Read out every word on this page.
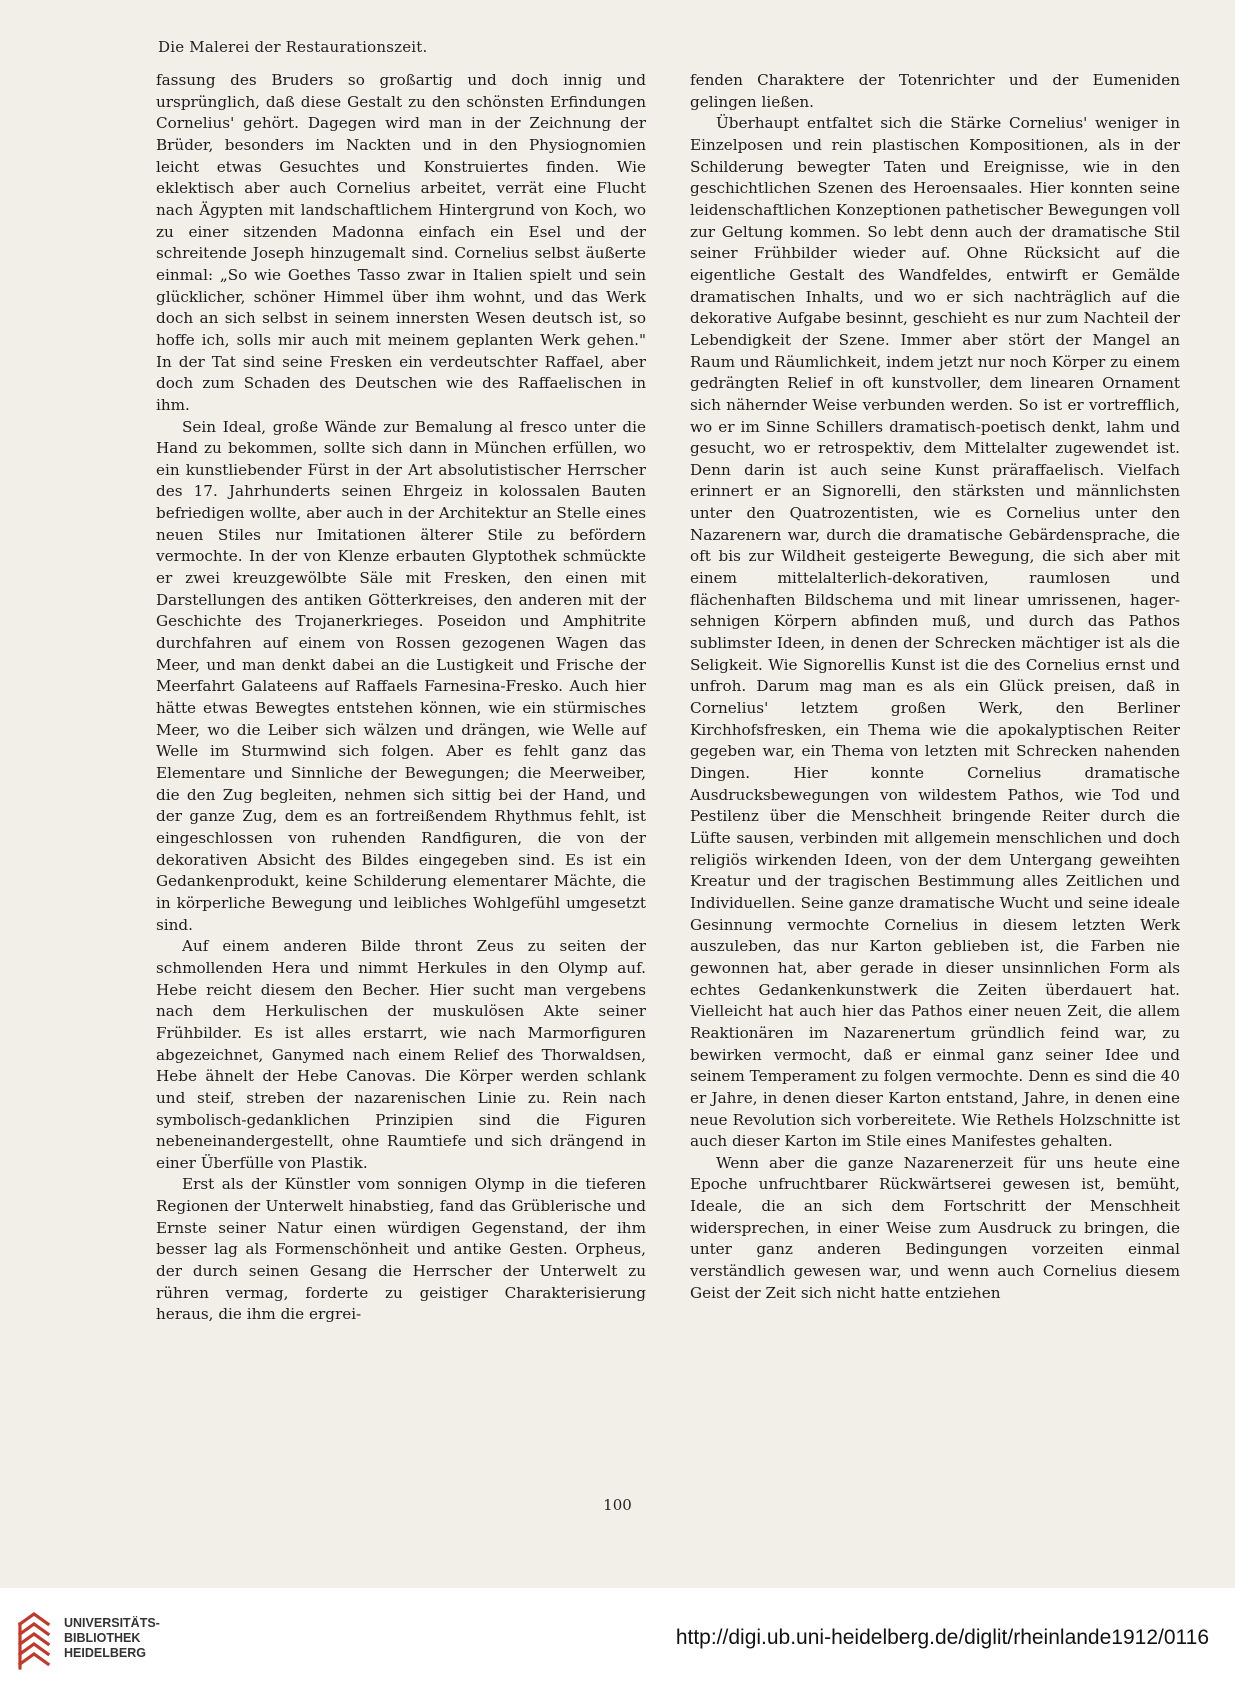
Die Malerei der Restaurationszeit.

fassung des Bruders so großartig und doch innig und ursprünglich, daß diese Gestalt zu den schönsten Erfindungen Cornelius' gehört. Dagegen wird man in der Zeichnung der Brüder, besonders im Nackten und in den Physiognomien leicht etwas Gesuchtes und Konstruiertes finden. Wie eklektisch aber auch Cornelius arbeitet, verrät eine Flucht nach Ägypten mit landschaftlichem Hintergrund von Koch, wo zu einer sitzenden Madonna einfach ein Esel und der schreitende Joseph hinzugemalt sind. Cornelius selbst äußerte einmal: „So wie Goethes Tasso zwar in Italien spielt und sein glücklicher, schöner Himmel über ihm wohnt, und das Werk doch an sich selbst in seinem innersten Wesen deutsch ist, so hoffe ich, solls mir auch mit meinem geplanten Werk gehen." In der Tat sind seine Fresken ein verdeutschter Raffael, aber doch zum Schaden des Deutschen wie des Raffaelischen in ihm.

Sein Ideal, große Wände zur Bemalung al fresco unter die Hand zu bekommen, sollte sich dann in München erfüllen, wo ein kunstliebender Fürst in der Art absolutistischer Herrscher des 17. Jahrhunderts seinen Ehrgeiz in kolossalen Bauten befriedigen wollte, aber auch in der Architektur an Stelle eines neuen Stiles nur Imitationen älterer Stile zu befördern vermochte. In der von Klenze erbauten Glyptothek schmückte er zwei kreuzgewölbte Säle mit Fresken, den einen mit Darstellungen des antiken Götterkreises, den anderen mit der Geschichte des Trojanerkrieges. Poseidon und Amphitrite durchfahren auf einem von Rossen gezogenen Wagen das Meer, und man denkt dabei an die Lustigkeit und Frische der Meerfahrt Galateens auf Raffaels Farnesina-Fresko. Auch hier hätte etwas Bewegtes entstehen können, wie ein stürmisches Meer, wo die Leiber sich wälzen und drängen, wie Welle auf Welle im Sturmwind sich folgen. Aber es fehlt ganz das Elementare und Sinnliche der Bewegungen; die Meerweiber, die den Zug begleiten, nehmen sich sittig bei der Hand, und der ganze Zug, dem es an fortreißendem Rhythmus fehlt, ist eingeschlossen von ruhenden Randfiguren, die von der dekorativen Absicht des Bildes eingegeben sind. Es ist ein Gedankenprodukt, keine Schilderung elementarer Mächte, die in körperliche Bewegung und leibliches Wohlgefühl umgesetzt sind.

Auf einem anderen Bilde thront Zeus zu seiten der schmollenden Hera und nimmt Herkules in den Olymp auf. Hebe reicht diesem den Becher. Hier sucht man vergebens nach dem Herkulischen der muskulösen Akte seiner Frühbilder. Es ist alles erstarrt, wie nach Marmorfiguren abgezeichnet, Ganymed nach einem Relief des Thorwaldsen, Hebe ähnelt der Hebe Canovas. Die Körper werden schlank und steif, streben der nazarenischen Linie zu. Rein nach symbolisch-gedanklichen Prinzipien sind die Figuren nebeneinandergestellt, ohne Raumtiefe und sich drängend in einer Überfülle von Plastik.

Erst als der Künstler vom sonnigen Olymp in die tieferen Regionen der Unterwelt hinabstieg, fand das Grüblerische und Ernste seiner Natur einen würdigen Gegenstand, der ihm besser lag als Formenschönheit und antike Gesten. Orpheus, der durch seinen Gesang die Herrscher der Unterwelt zu rühren vermag, forderte zu geistiger Charakterisierung heraus, die ihm die ergrei-

fenden Charaktere der Totenrichter und der Eumeniden gelingen ließen.

Überhaupt entfaltet sich die Stärke Cornelius' weniger in Einzelposen und rein plastischen Kompositionen, als in der Schilderung bewegter Taten und Ereignisse, wie in den geschichtlichen Szenen des Heroensaales. Hier konnten seine leidenschaftlichen Konzeptionen pathetischer Bewegungen voll zur Geltung kommen. So lebt denn auch der dramatische Stil seiner Frühbilder wieder auf. Ohne Rücksicht auf die eigentliche Gestalt des Wandfeldes, entwirft er Gemälde dramatischen Inhalts, und wo er sich nachträglich auf die dekorative Aufgabe besinnt, geschieht es nur zum Nachteil der Lebendigkeit der Szene. Immer aber stört der Mangel an Raum und Räumlichkeit, indem jetzt nur noch Körper zu einem gedrängten Relief in oft kunstvoller, dem linearen Ornament sich nähernder Weise verbunden werden. So ist er vortrefflich, wo er im Sinne Schillers dramatisch-poetisch denkt, lahm und gesucht, wo er retrospektiv, dem Mittelalter zugewendet ist. Denn darin ist auch seine Kunst präraffaelisch. Vielfach erinnert er an Signorelli, den stärksten und männlichsten unter den Quatrozentisten, wie es Cornelius unter den Nazarenern war, durch die dramatische Gebärdensprache, die oft bis zur Wildheit gesteigerte Bewegung, die sich aber mit einem mittelalterlich-dekorativen, raumlosen und flächenhaften Bildschema und mit linear umrissenen, hager-sehnigen Körpern abfinden muß, und durch das Pathos sublimster Ideen, in denen der Schrecken mächtiger ist als die Seligkeit. Wie Signorellis Kunst ist die des Cornelius ernst und unfroh. Darum mag man es als ein Glück preisen, daß in Cornelius' letztem großen Werk, den Berliner Kirchhofsfresken, ein Thema wie die apokalyptischen Reiter gegeben war, ein Thema von letzten mit Schrecken nahenden Dingen. Hier konnte Cornelius dramatische Ausdrucksbewegungen von wildestem Pathos, wie Tod und Pestilenz über die Menschheit bringende Reiter durch die Lüfte sausen, verbinden mit allgemein menschlichen und doch religiös wirkenden Ideen, von der dem Untergang geweihten Kreatur und der tragischen Bestimmung alles Zeitlichen und Individuellen. Seine ganze dramatische Wucht und seine ideale Gesinnung vermochte Cornelius in diesem letzten Werk auszuleben, das nur Karton geblieben ist, die Farben nie gewonnen hat, aber gerade in dieser unsinnlichen Form als echtes Gedankenkunstwerk die Zeiten überdauert hat. Vielleicht hat auch hier das Pathos einer neuen Zeit, die allem Reaktionären im Nazarenertum gründlich feind war, zu bewirken vermocht, daß er einmal ganz seiner Idee und seinem Temperament zu folgen vermochte. Denn es sind die 40 er Jahre, in denen dieser Karton entstand, Jahre, in denen eine neue Revolution sich vorbereitete. Wie Rethels Holzschnitte ist auch dieser Karton im Stile eines Manifestes gehalten.

Wenn aber die ganze Nazarenerzeit für uns heute eine Epoche unfruchtbarer Rückwärtserei gewesen ist, bemüht, Ideale, die an sich dem Fortschritt der Menschheit widersprechen, in einer Weise zum Ausdruck zu bringen, die unter ganz anderen Bedingungen vorzeiten einmal verständlich gewesen war, und wenn auch Cornelius diesem Geist der Zeit sich nicht hatte entziehen

100
UNIVERSITÄTS-
BIBLIOTHEK
HEIDELBERG
http://digi.ub.uni-heidelberg.de/diglit/rheinlande1912/0116
